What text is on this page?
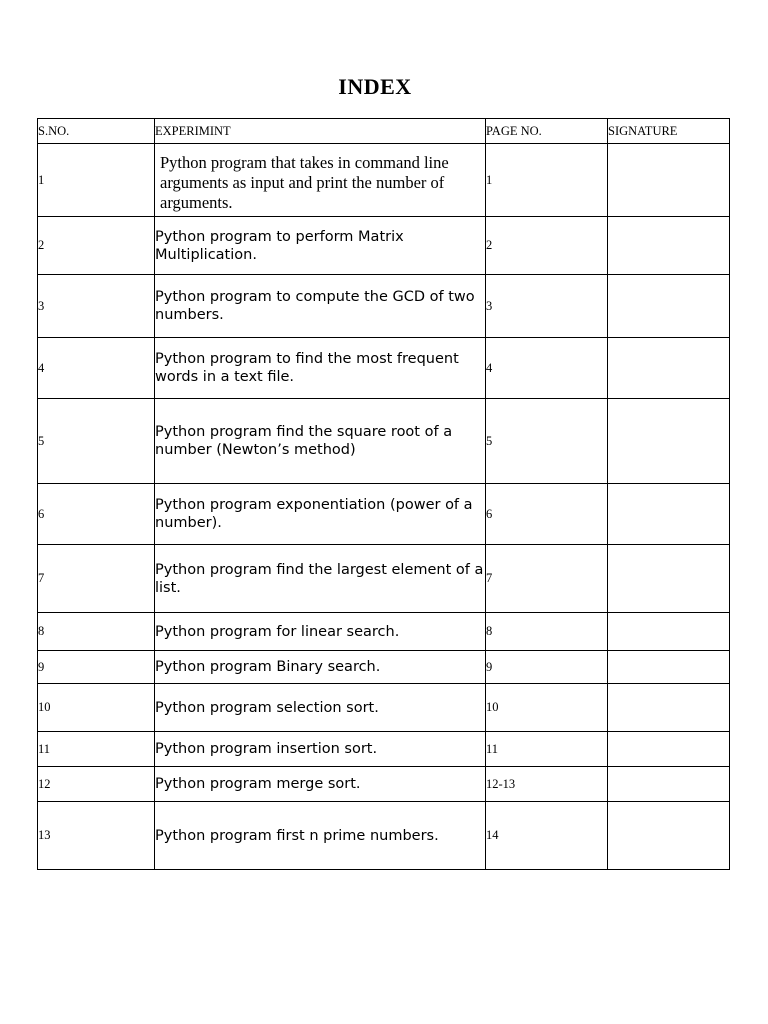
INDEX
S.NO.	EXPERIMINT	PAGE NO.	SIGNATURE
1	Python program that takes in command line arguments as input and print the number of arguments.	1	
2	Python program to perform Matrix Multiplication.	2	
3	Python program to compute the GCD of two numbers.	3	
4	Python program to find the most frequent words in a text file.	4	
5	Python program find the square root of a number (Newton’s method)	5	
6	Python program exponentiation (power of a number).	6	
7	Python program find the largest element of a list.	7	
8	Python program for linear search.	8	
9	Python program Binary search.	9	
10	Python program selection sort.	10	
11	Python program insertion sort.	11	
12	Python program merge sort.	12-13	
13	Python program first n prime numbers.	14	
